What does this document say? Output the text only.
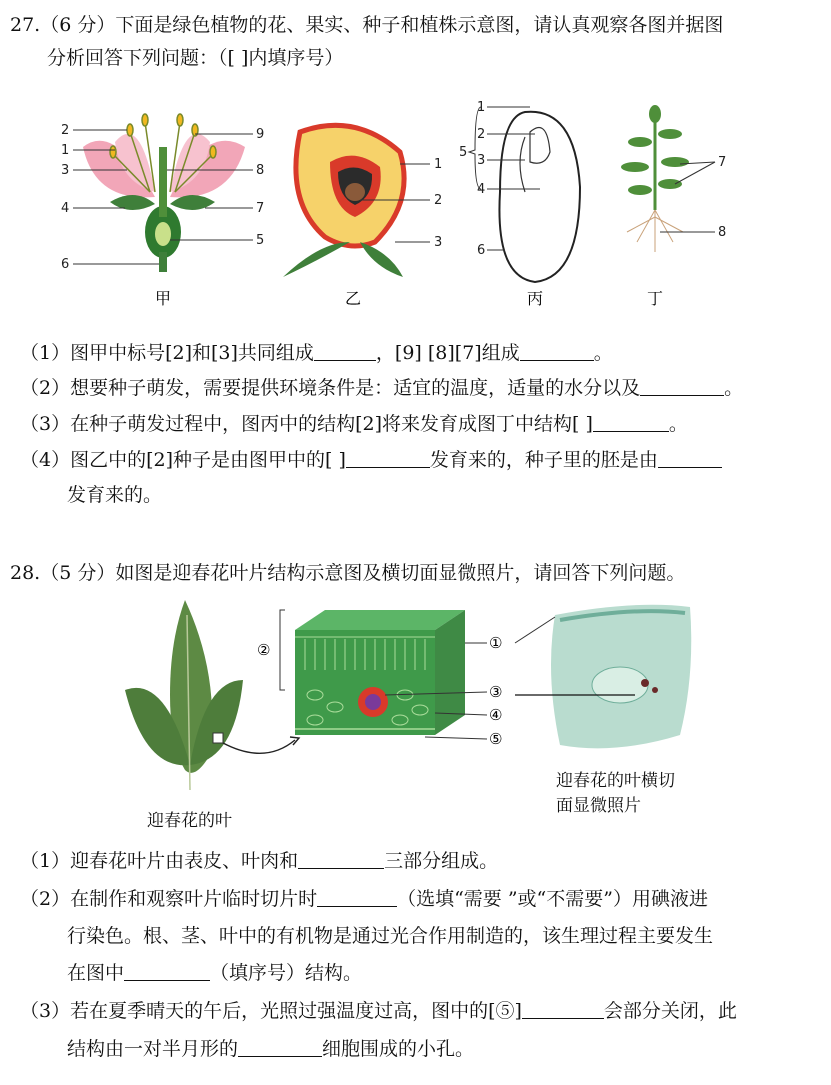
27.（6 分）下面是绿色植物的花、果实、种子和植株示意图，请认真观察各图并据图
分析回答下列问题：（[ ]内填序号）
2
1
3
4
6
9
8
7
5
甲
1
2
3
乙
1
2
3
4
5
6
丙
7
8
丁
（1）图甲中标号[2]和[3]共同组成	，[9] [8][7]组成	。
（2）想要种子萌发，需要提供环境条件是：适宜的温度，适量的水分以及	。
（3）在种子萌发过程中，图丙中的结构[2]将来发育成图丁中结构[ ]	。
（4）图乙中的[2]种子是由图甲中的[ ]	发育来的，种子里的胚是由
发育来的。
28.（5 分）如图是迎春花叶片结构示意图及横切面显微照片，请回答下列问题。
②	①
③
④
⑤
迎春花的叶
迎春花的叶横切
面显微照片
（1）迎春花叶片由表皮、叶肉和	三部分组成。
（2）在制作和观察叶片临时切片时	（选填“需要 ”或“不需要”）用碘液进
行染色。根、茎、叶中的有机物是通过光合作用制造的，该生理过程主要发生
在图中	（填序号）结构。
（3）若在夏季晴天的午后，光照过强温度过高，图中的[⑤]	会部分关闭，此
结构由一对半月形的	细胞围成的小孔。
